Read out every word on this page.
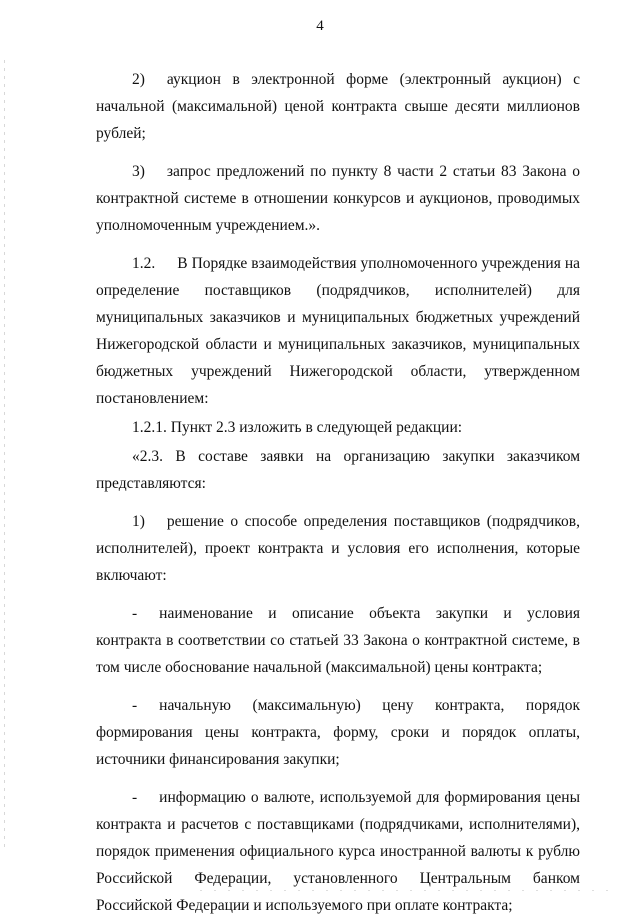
4

2) аукцион в электронной форме (электронный аукцион) с начальной (максимальной) ценой контракта свыше десяти миллионов рублей;

3) запрос предложений по пункту 8 части 2 статьи 83 Закона о контрактной системе в отношении конкурсов и аукционов, проводимых уполномоченным учреждением.».

1.2. В Порядке взаимодействия уполномоченного учреждения на определение поставщиков (подрядчиков, исполнителей) для муниципальных заказчиков и муниципальных бюджетных учреждений Нижегородской области и муниципальных заказчиков, муниципальных бюджетных учреждений Нижегородской области, утвержденном постановлением:

1.2.1. Пункт 2.3 изложить в следующей редакции:

«2.3. В составе заявки на организацию закупки заказчиком представляются:

1) решение о способе определения поставщиков (подрядчиков, исполнителей), проект контракта и условия его исполнения, которые включают:

- наименование и описание объекта закупки и условия контракта в соответствии со статьей 33 Закона о контрактной системе, в том числе обоснование начальной (максимальной) цены контракта;

- начальную (максимальную) цену контракта, порядок формирования цены контракта, форму, сроки и порядок оплаты, источники финансирования закупки;

- информацию о валюте, используемой для формирования цены контракта и расчетов с поставщиками (подрядчиками, исполнителями), порядок применения официального курса иностранной валюты к рублю Российской Федерации, установленного Центральным банком Российской Федерации и используемого при оплате контракта;
